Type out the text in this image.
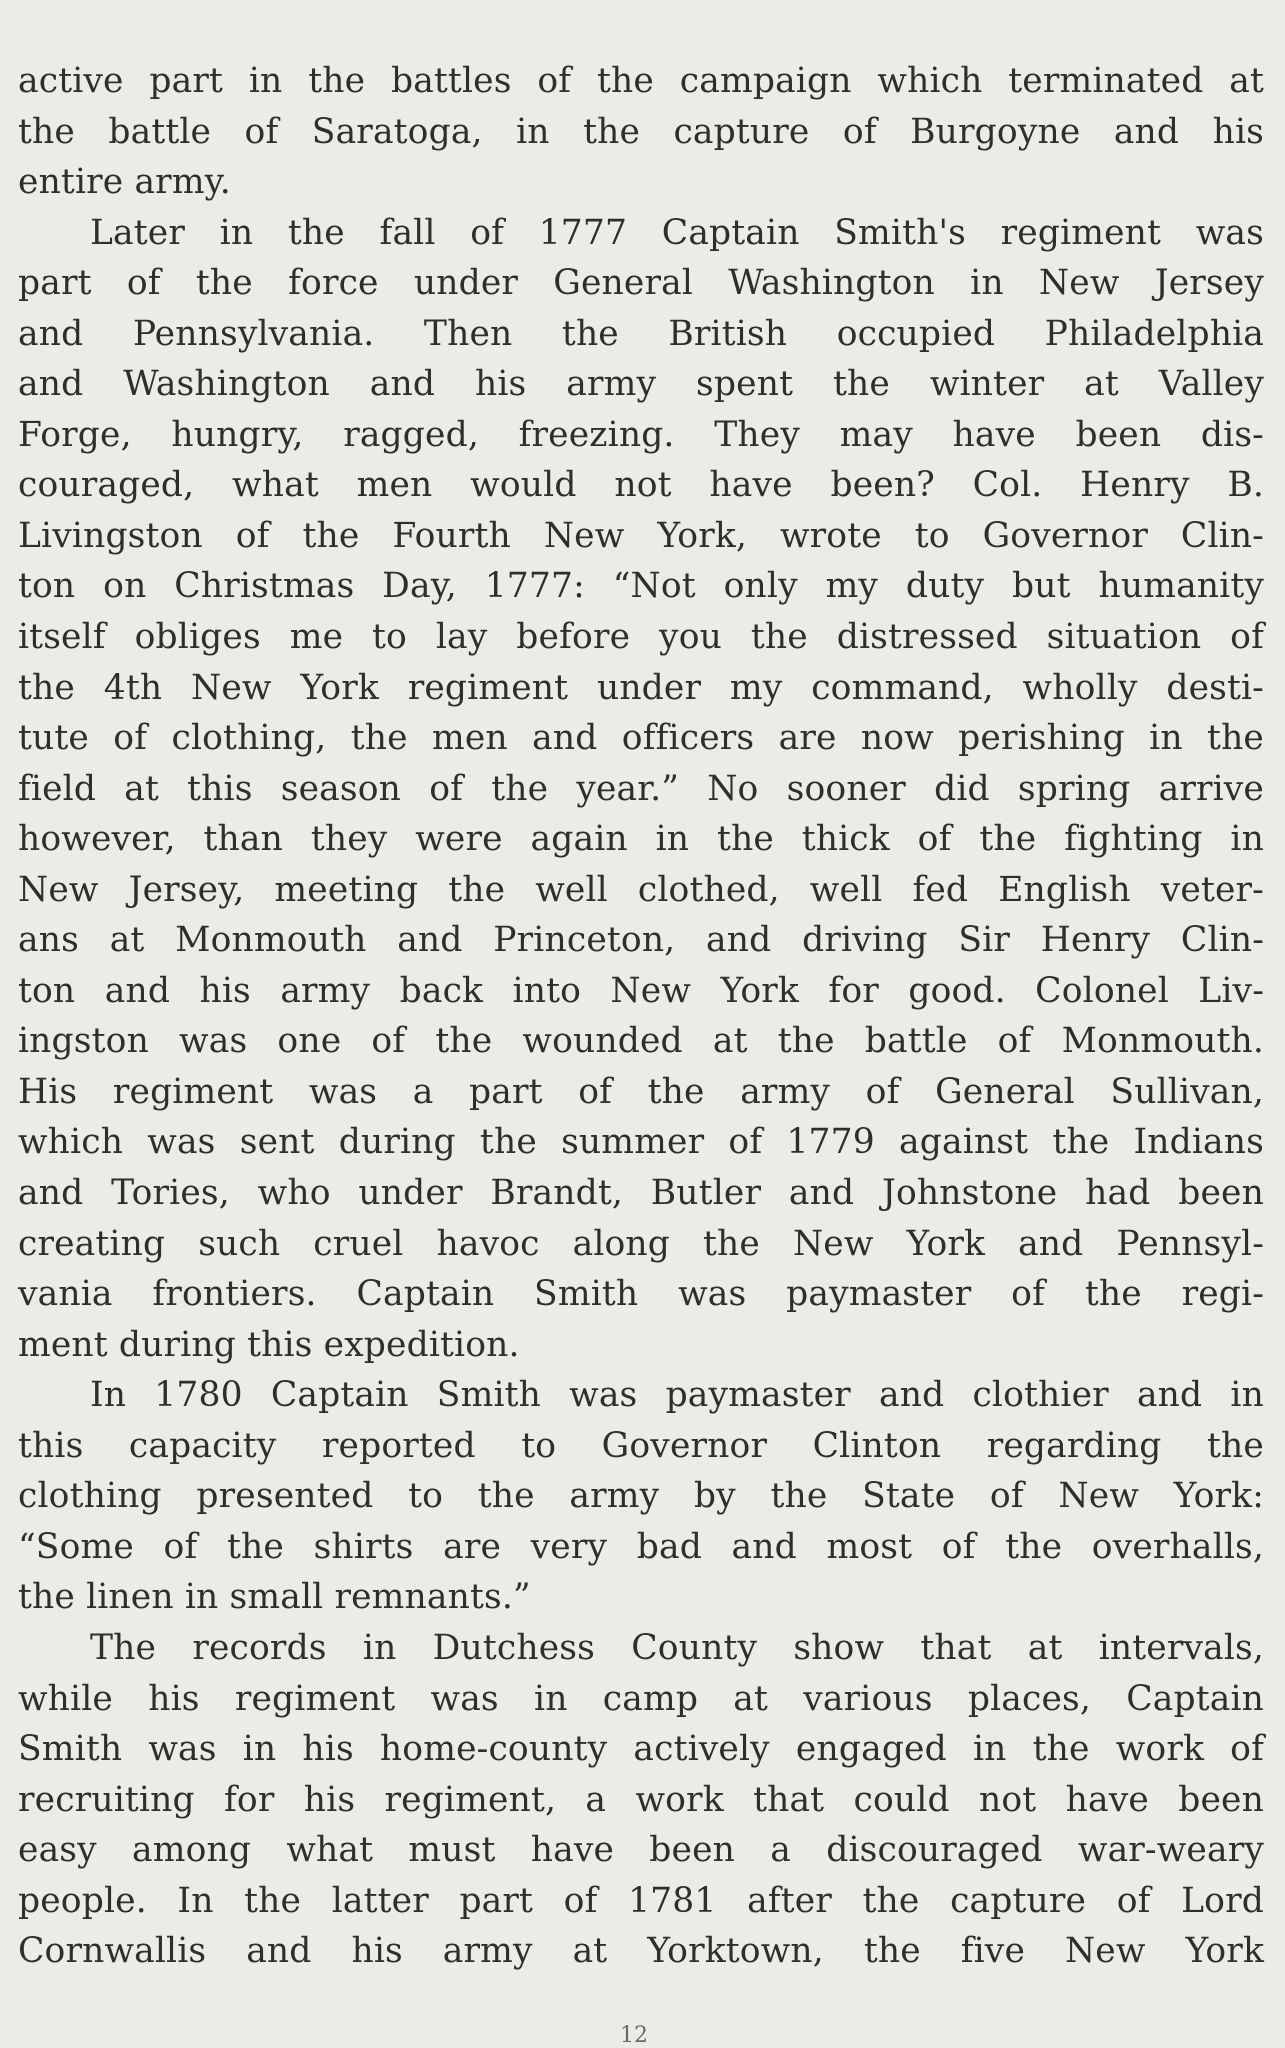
active part in the battles of the campaign which terminated at
the battle of Saratoga, in the capture of Burgoyne and his
entire army.
Later in the fall of 1777 Captain Smith's regiment was
part of the force under General Washington in New Jersey
and Pennsylvania. Then the British occupied Philadelphia
and Washington and his army spent the winter at Valley
Forge, hungry, ragged, freezing. They may have been dis-
couraged, what men would not have been? Col. Henry B.
Livingston of the Fourth New York, wrote to Governor Clin-
ton on Christmas Day, 1777: “Not only my duty but humanity
itself obliges me to lay before you the distressed situation of
the 4th New York regiment under my command, wholly desti-
tute of clothing, the men and officers are now perishing in the
field at this season of the year.” No sooner did spring arrive
however, than they were again in the thick of the fighting in
New Jersey, meeting the well clothed, well fed English veter-
ans at Monmouth and Princeton, and driving Sir Henry Clin-
ton and his army back into New York for good. Colonel Liv-
ingston was one of the wounded at the battle of Monmouth.
His regiment was a part of the army of General Sullivan,
which was sent during the summer of 1779 against the Indians
and Tories, who under Brandt, Butler and Johnstone had been
creating such cruel havoc along the New York and Pennsyl-
vania frontiers. Captain Smith was paymaster of the regi-
ment during this expedition.
In 1780 Captain Smith was paymaster and clothier and in
this capacity reported to Governor Clinton regarding the
clothing presented to the army by the State of New York:
“Some of the shirts are very bad and most of the overhalls,
the linen in small remnants.”
The records in Dutchess County show that at intervals,
while his regiment was in camp at various places, Captain
Smith was in his home-county actively engaged in the work of
recruiting for his regiment, a work that could not have been
easy among what must have been a discouraged war-weary
people. In the latter part of 1781 after the capture of Lord
Cornwallis and his army at Yorktown, the five New York
12
